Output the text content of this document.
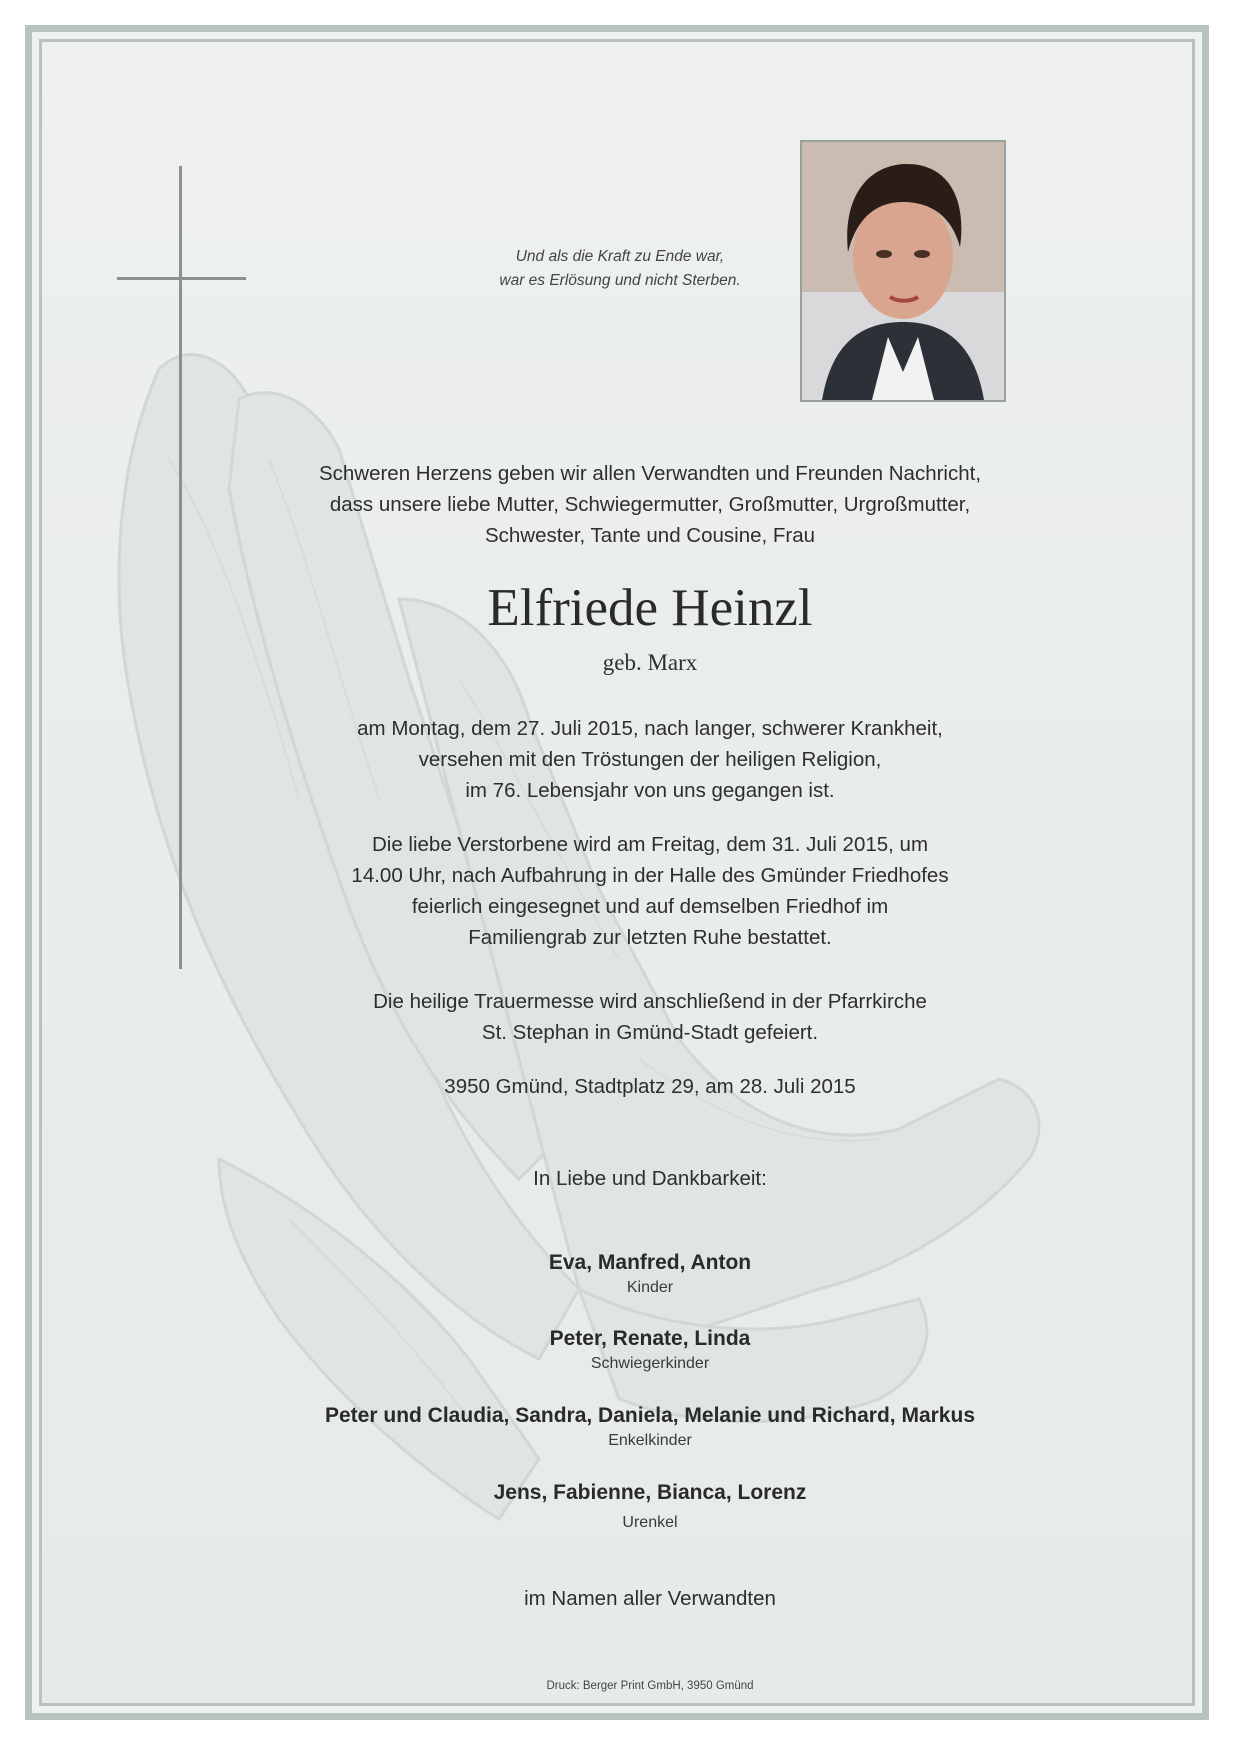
Und als die Kraft zu Ende war,
war es Erlösung und nicht Sterben.
Schweren Herzens geben wir allen Verwandten und Freunden Nachricht,
dass unsere liebe Mutter, Schwiegermutter, Großmutter, Urgroßmutter,
Schwester, Tante und Cousine, Frau
Elfriede Heinzl
geb. Marx
am Montag, dem 27. Juli 2015, nach langer, schwerer Krankheit,
versehen mit den Tröstungen der heiligen Religion,
im 76. Lebensjahr von uns gegangen ist.
Die liebe Verstorbene wird am Freitag, dem 31. Juli 2015, um
14.00 Uhr, nach Aufbahrung in der Halle des Gmünder Friedhofes
feierlich eingesegnet und auf demselben Friedhof im
Familiengrab zur letzten Ruhe bestattet.
Die heilige Trauermesse wird anschließend in der Pfarrkirche
St. Stephan in Gmünd-Stadt gefeiert.
3950 Gmünd, Stadtplatz 29, am 28. Juli 2015
In Liebe und Dankbarkeit:
Eva, Manfred, Anton
Kinder
Peter, Renate, Linda
Schwiegerkinder
Peter und Claudia, Sandra, Daniela, Melanie und Richard, Markus
Enkelkinder
Jens, Fabienne, Bianca, Lorenz
Urenkel
im Namen aller Verwandten
Druck: Berger Print GmbH, 3950 Gmünd
